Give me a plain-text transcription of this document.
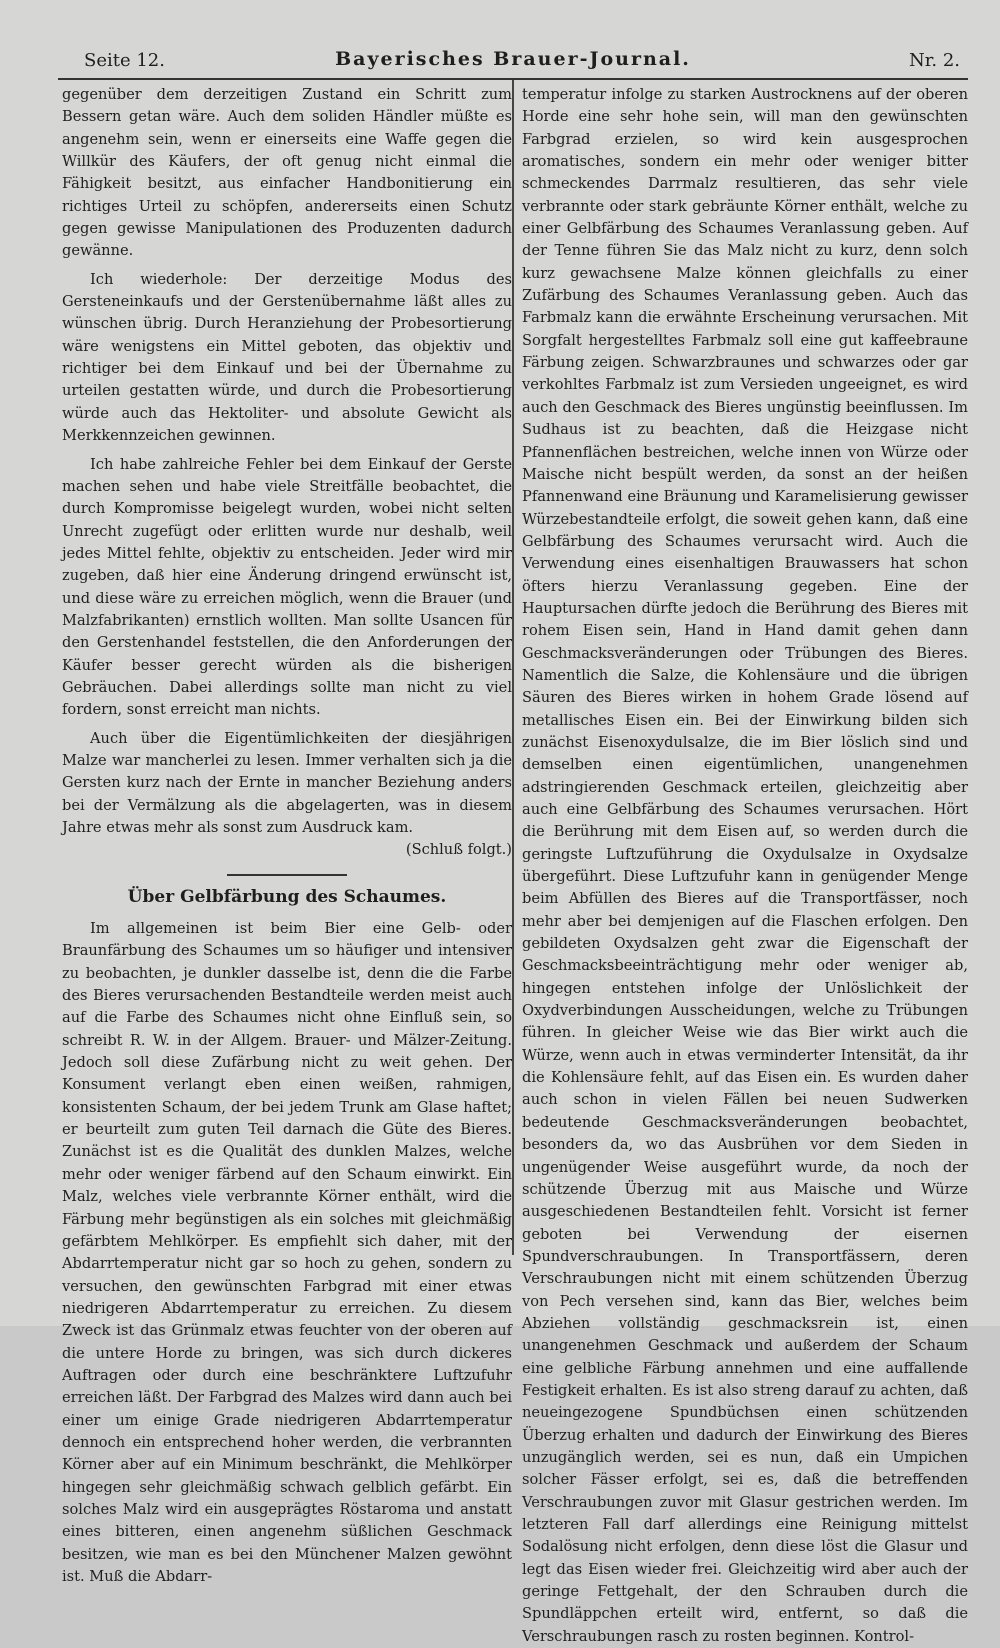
Seite 12.	Bayerisches Brauer-Journal.	Nr. 2.

gegenüber dem derzeitigen Zustand ein Schritt zum Bessern getan wäre. Auch dem soliden Händler müßte es angenehm sein, wenn er einerseits eine Waffe gegen die Willkür des Käufers, der oft genug nicht einmal die Fähigkeit besitzt, aus einfacher Handbonitierung ein richtiges Urteil zu schöpfen, andererseits einen Schutz gegen gewisse Manipulationen des Produzenten dadurch gewänne.

Ich wiederhole: Der derzeitige Modus des Gersteneinkaufs und der Gerstenübernahme läßt alles zu wünschen übrig. Durch Heranziehung der Probesortierung wäre wenigstens ein Mittel geboten, das objektiv und richtiger bei dem Einkauf und bei der Übernahme zu urteilen gestatten würde, und durch die Probesortierung würde auch das Hektoliter- und absolute Gewicht als Merkkennzeichen gewinnen.

Ich habe zahlreiche Fehler bei dem Einkauf der Gerste machen sehen und habe viele Streitfälle beobachtet, die durch Kompromisse beigelegt wurden, wobei nicht selten Unrecht zugefügt oder erlitten wurde nur deshalb, weil jedes Mittel fehlte, objektiv zu entscheiden. Jeder wird mir zugeben, daß hier eine Änderung dringend erwünscht ist, und diese wäre zu erreichen möglich, wenn die Brauer (und Malzfabrikanten) ernstlich wollten. Man sollte Usancen für den Gerstenhandel feststellen, die den Anforderungen der Käufer besser gerecht würden als die bisherigen Gebräuchen. Dabei allerdings sollte man nicht zu viel fordern, sonst erreicht man nichts.

Auch über die Eigentümlichkeiten der diesjährigen Malze war mancherlei zu lesen. Immer verhalten sich ja die Gersten kurz nach der Ernte in mancher Beziehung anders bei der Vermälzung als die abgelagerten, was in diesem Jahre etwas mehr als sonst zum Ausdruck kam.

(Schluß folgt.)

Über Gelbfärbung des Schaumes.

Im allgemeinen ist beim Bier eine Gelb- oder Braunfärbung des Schaumes um so häufiger und intensiver zu beobachten, je dunkler dasselbe ist, denn die die Farbe des Bieres verursachenden Bestandteile werden meist auch auf die Farbe des Schaumes nicht ohne Einfluß sein, so schreibt R. W. in der Allgem. Brauer- und Mälzer-Zeitung. Jedoch soll diese Zufärbung nicht zu weit gehen. Der Konsument verlangt eben einen weißen, rahmigen, konsistenten Schaum, der bei jedem Trunk am Glase haftet; er beurteilt zum guten Teil darnach die Güte des Bieres. Zunächst ist es die Qualität des dunklen Malzes, welche mehr oder weniger färbend auf den Schaum einwirkt. Ein Malz, welches viele verbrannte Körner enthält, wird die Färbung mehr begünstigen als ein solches mit gleichmäßig gefärbtem Mehlkörper. Es empfiehlt sich daher, mit der Abdarrtemperatur nicht gar so hoch zu gehen, sondern zu versuchen, den gewünschten Farbgrad mit einer etwas niedrigeren Abdarrtemperatur zu erreichen. Zu diesem Zweck ist das Grünmalz etwas feuchter von der oberen auf die untere Horde zu bringen, was sich durch dickeres Auftragen oder durch eine beschränktere Luftzufuhr erreichen läßt. Der Farbgrad des Malzes wird dann auch bei einer um einige Grade niedrigeren Abdarrtemperatur dennoch ein entsprechend hoher werden, die verbrannten Körner aber auf ein Minimum beschränkt, die Mehlkörper hingegen sehr gleichmäßig schwach gelblich gefärbt. Ein solches Malz wird ein ausgeprägtes Röstaroma und anstatt eines bitteren, einen angenehm süßlichen Geschmack besitzen, wie man es bei den Münchener Malzen gewöhnt ist. Muß die Abdarr-

temperatur infolge zu starken Austrocknens auf der oberen Horde eine sehr hohe sein, will man den gewünschten Farbgrad erzielen, so wird kein ausgesprochen aromatisches, sondern ein mehr oder weniger bitter schmeckendes Darrmalz resultieren, das sehr viele verbrannte oder stark gebräunte Körner enthält, welche zu einer Gelbfärbung des Schaumes Veranlassung geben. Auf der Tenne führen Sie das Malz nicht zu kurz, denn solch kurz gewachsene Malze können gleichfalls zu einer Zufärbung des Schaumes Veranlassung geben. Auch das Farbmalz kann die erwähnte Erscheinung verursachen. Mit Sorgfalt hergestelltes Farbmalz soll eine gut kaffeebraune Färbung zeigen. Schwarzbraunes und schwarzes oder gar verkohltes Farbmalz ist zum Versieden ungeeignet, es wird auch den Geschmack des Bieres ungünstig beeinflussen. Im Sudhaus ist zu beachten, daß die Heizgase nicht Pfannenflächen bestreichen, welche innen von Würze oder Maische nicht bespült werden, da sonst an der heißen Pfannenwand eine Bräunung und Karamelisierung gewisser Würzebestandteile erfolgt, die soweit gehen kann, daß eine Gelbfärbung des Schaumes verursacht wird. Auch die Verwendung eines eisenhaltigen Brauwassers hat schon öfters hierzu Veranlassung gegeben. Eine der Hauptursachen dürfte jedoch die Berührung des Bieres mit rohem Eisen sein, Hand in Hand damit gehen dann Geschmacksveränderungen oder Trübungen des Bieres. Namentlich die Salze, die Kohlensäure und die übrigen Säuren des Bieres wirken in hohem Grade lösend auf metallisches Eisen ein. Bei der Einwirkung bilden sich zunächst Eisenoxydulsalze, die im Bier löslich sind und demselben einen eigentümlichen, unangenehmen adstringierenden Geschmack erteilen, gleichzeitig aber auch eine Gelbfärbung des Schaumes verursachen. Hört die Berührung mit dem Eisen auf, so werden durch die geringste Luftzuführung die Oxydulsalze in Oxydsalze übergeführt. Diese Luftzufuhr kann in genügender Menge beim Abfüllen des Bieres auf die Transportfässer, noch mehr aber bei demjenigen auf die Flaschen erfolgen. Den gebildeten Oxydsalzen geht zwar die Eigenschaft der Geschmacksbeeinträchtigung mehr oder weniger ab, hingegen entstehen infolge der Unlöslichkeit der Oxydverbindungen Ausscheidungen, welche zu Trübungen führen. In gleicher Weise wie das Bier wirkt auch die Würze, wenn auch in etwas verminderter Intensität, da ihr die Kohlensäure fehlt, auf das Eisen ein. Es wurden daher auch schon in vielen Fällen bei neuen Sudwerken bedeutende Geschmacksveränderungen beobachtet, besonders da, wo das Ausbrühen vor dem Sieden in ungenügender Weise ausgeführt wurde, da noch der schützende Überzug mit aus Maische und Würze ausgeschiedenen Bestandteilen fehlt. Vorsicht ist ferner geboten bei Verwendung der eisernen Spundverschraubungen. In Transportfässern, deren Verschraubungen nicht mit einem schützenden Überzug von Pech versehen sind, kann das Bier, welches beim Abziehen vollständig geschmacksrein ist, einen unangenehmen Geschmack und außerdem der Schaum eine gelbliche Färbung annehmen und eine auffallende Festigkeit erhalten. Es ist also streng darauf zu achten, daß neueingezogene Spundbüchsen einen schützenden Überzug erhalten und dadurch der Einwirkung des Bieres unzugänglich werden, sei es nun, daß ein Umpichen solcher Fässer erfolgt, sei es, daß die betreffenden Verschraubungen zuvor mit Glasur gestrichen werden. Im letzteren Fall darf allerdings eine Reinigung mittelst Sodalösung nicht erfolgen, denn diese löst die Glasur und legt das Eisen wieder frei. Gleichzeitig wird aber auch der geringe Fettgehalt, der den Schrauben durch die Spundläppchen erteilt wird, entfernt, so daß die Verschraubungen rasch zu rosten beginnen. Kontrol-
